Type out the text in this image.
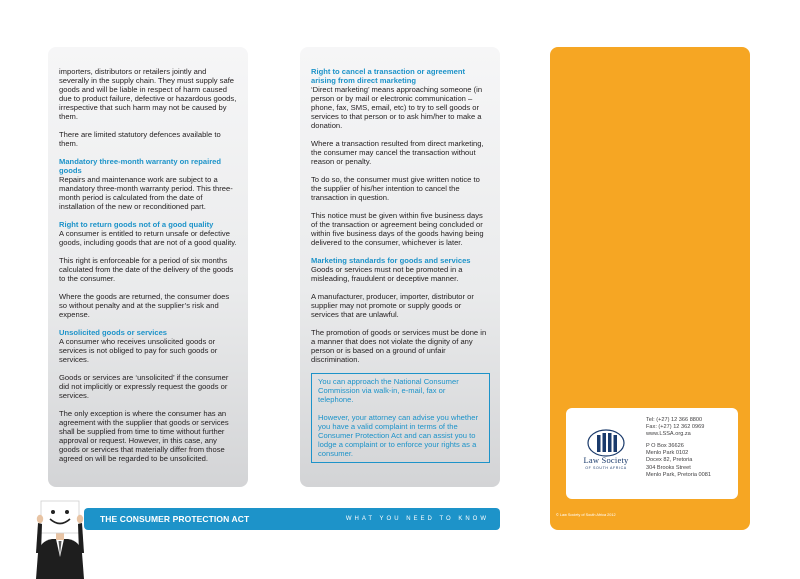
importers, distributors or retailers jointly and severally in the supply chain. They must supply safe goods and will be liable in respect of harm caused due to product failure, defective or hazardous goods, irrespective that such harm may not be caused by them.

There are limited statutory defences available to them.

Mandatory three-month warranty on repaired goods

Repairs and maintenance work are subject to a mandatory three-month warranty period. This three-month period is calculated from the date of installation of the new or reconditioned part.

Right to return goods not of a good quality

A consumer is entitled to return unsafe or defective goods, including goods that are not of a good quality.

This right is enforceable for a period of six months calculated from the date of the delivery of the goods to the consumer.

Where the goods are returned, the consumer does so without penalty and at the supplier’s risk and expense.

Unsolicited goods or services

A consumer who receives unsolicited goods or services is not obliged to pay for such goods or services.

Goods or services are ‘unsolicited’ if the consumer did not implicitly or expressly request the goods or services.

The only exception is where the consumer has an agreement with the supplier that goods or services shall be supplied from time to time without further approval or request. However, in this case, any goods or services that materially differ from those agreed on will be regarded to be unsolicited.

Right to cancel a transaction or agreement arising from direct marketing

‘Direct marketing’ means approaching someone (in person or by mail or electronic communication – phone, fax, SMS, email, etc) to try to sell goods or services to that person or to ask him/her to make a donation.

Where a transaction resulted from direct marketing, the consumer may cancel the transaction without reason or penalty.

To do so, the consumer must give written notice to the supplier of his/her intention to cancel the transaction in question.

This notice must be given within five business days of the transaction or agreement being concluded or within five business days of the goods having being delivered to the consumer, whichever is later.

Marketing standards for goods and services

Goods or services must not be promoted in a misleading, fraudulent or deceptive manner.

A manufacturer, producer, importer, distributor or supplier may not promote or supply goods or services that are unlawful.

The promotion of goods or services must be done in a manner that does not violate the dignity of any person or is based on a ground of unfair discrimination.

You can approach the National Consumer Commission via walk-in, e-mail, fax or telephone.

However, your attorney can advise you whether you have a valid complaint in terms of the Consumer Protection Act and can assist you to lodge a complaint or to enforce your rights as a consumer.

Law Society
OF SOUTH AFRICA
Tel: (+27) 12 366 8800
Fax: (+27) 12 362 0969
www.LSSA.org.za
P O Box 36626
Menlo Park 0102
Docex 82, Pretoria
304 Brooks Street
Menlo Park, Pretoria 0081
© Law Society of South Africa 2012
THE CONSUMER PROTECTION ACT	WHAT YOU NEED TO KNOW
